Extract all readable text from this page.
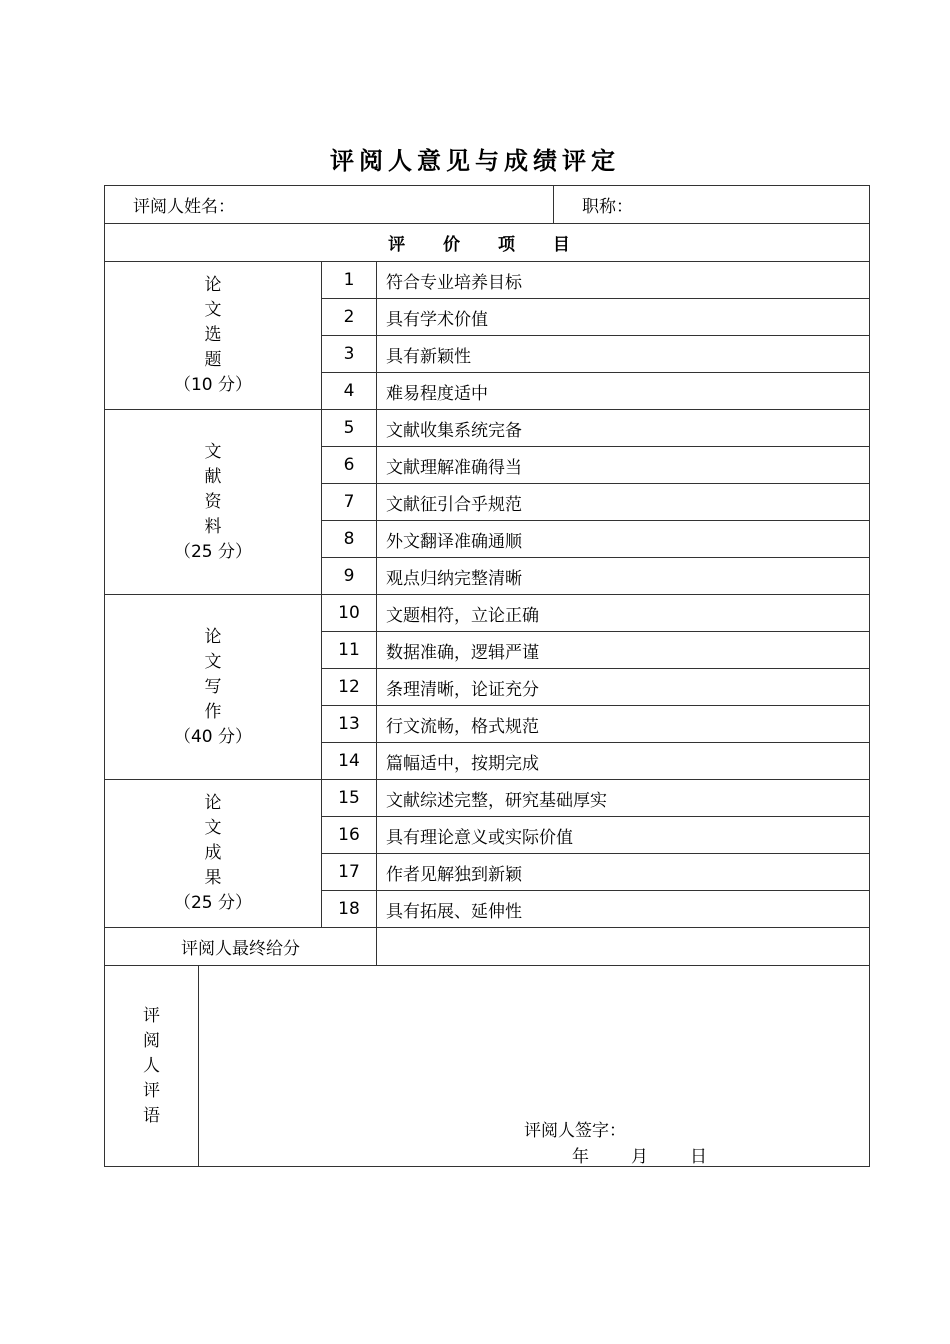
评阅人意见与成绩评定
评阅人姓名：				职称：
评 价 项 目				

论
文
选
题
（10 分）		1	符合专业培养目标	
		2	具有学术价值	
		3	具有新颖性	
		4	难易程度适中	

文
献
资
料
（25 分）		5	文献收集系统完备	
		6	文献理解准确得当	
		7	文献征引合乎规范	
		8	外文翻译准确通顺	
		9	观点归纳完整清晰	

论
文
写
作
（40 分）		10	文题相符，立论正确	
		11	数据准确，逻辑严谨	
		12	条理清晰，论证充分	
		13	行文流畅，格式规范	
		14	篇幅适中，按期完成	

论
文
成
果
（25 分）		15	文献综述完整，研究基础厚实	
		16	具有理论意义或实际价值	
		17	作者见解独到新颖	
		18	具有拓展、延伸性	
评阅人最终给分				

评
阅
人
评
语	评阅人签字：
年 月 日			
